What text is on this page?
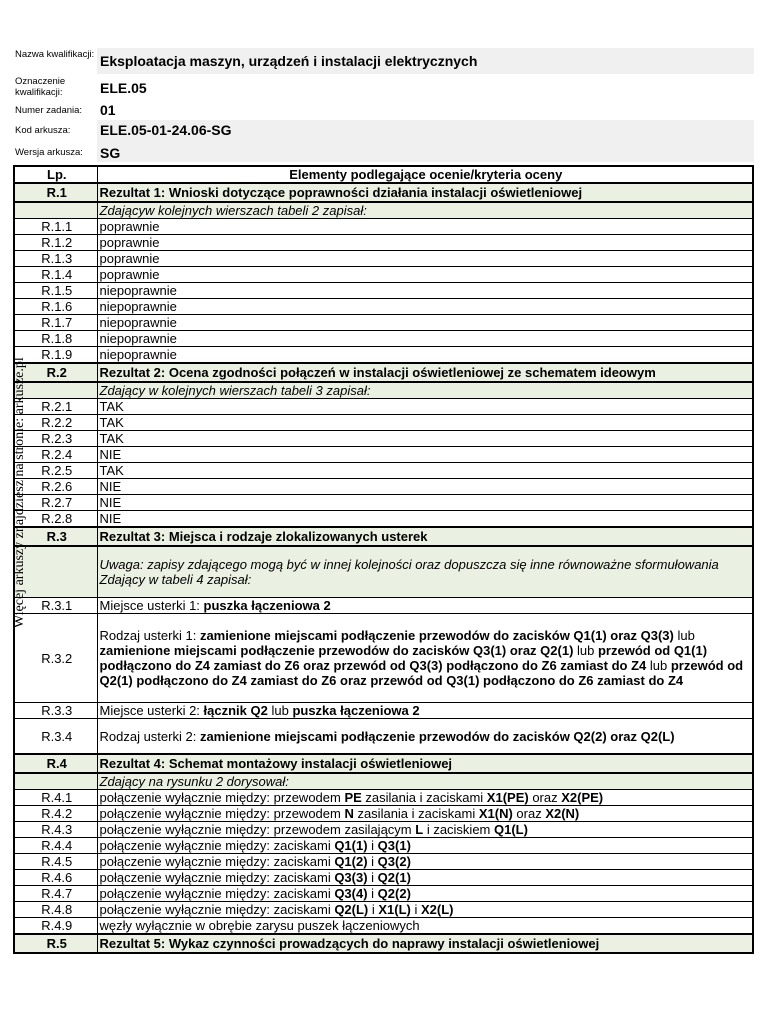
Nazwa kwalifikacji: Eksploatacja maszyn, urządzeń i instalacji elektrycznych
Oznaczenie kwalifikacji:	ELE.05
Numer zadania:	01
Kod arkusza:	ELE.05-01-24.06-SG
Wersja arkusza:	SG
Lp.	Elementy podlegające ocenie/kryteria oceny
R.1	Rezultat 1: Wnioski dotyczące poprawności działania instalacji oświetleniowej
	Zdającyw kolejnych wierszach tabeli 2 zapisał:
R.1.1	poprawnie
R.1.2	poprawnie
R.1.3	poprawnie
R.1.4	poprawnie
R.1.5	niepoprawnie
R.1.6	niepoprawnie
R.1.7	niepoprawnie
R.1.8	niepoprawnie
R.1.9	niepoprawnie
R.2	Rezultat 2: Ocena zgodności połączeń w instalacji oświetleniowej ze schematem ideowym
	Zdający w kolejnych wierszach tabeli 3 zapisał:
R.2.1	TAK
R.2.2	TAK
R.2.3	TAK
R.2.4	NIE
R.2.5	TAK
R.2.6	NIE
R.2.7	NIE
R.2.8	NIE
R.3	Rezultat 3: Miejsca i rodzaje zlokalizowanych usterek
	Uwaga: zapisy zdającego mogą być w innej kolejności oraz dopuszcza się inne równoważne sformułowania
Zdający w tabeli 4 zapisał:
R.3.1	Miejsce usterki 1: puszka łączeniowa 2
R.3.2	Rodzaj usterki 1: zamienione miejscami podłączenie przewodów do zacisków Q1(1) oraz Q3(3) lub zamienione miejscami podłączenie przewodów do zacisków Q3(1) oraz Q2(1) lub przewód od Q1(1) podłączono do Z4 zamiast do Z6 oraz przewód od Q3(3) podłączono do Z6 zamiast do Z4 lub przewód od Q2(1) podłączono do Z4 zamiast do Z6 oraz przewód od Q3(1) podłączono do Z6 zamiast do Z4
R.3.3	Miejsce usterki 2: łącznik Q2 lub puszka łączeniowa 2
R.3.4	Rodzaj usterki 2: zamienione miejscami podłączenie przewodów do zacisków Q2(2) oraz Q2(L)
R.4	Rezultat 4: Schemat montażowy instalacji oświetleniowej
	Zdający na rysunku 2 dorysował:
R.4.1	połączenie wyłącznie między: przewodem PE zasilania i zaciskami X1(PE) oraz X2(PE)
R.4.2	połączenie wyłącznie między: przewodem N zasilania i zaciskami X1(N) oraz X2(N)
R.4.3	połączenie wyłącznie między: przewodem zasilającym L i zaciskiem Q1(L)
R.4.4	połączenie wyłącznie między: zaciskami Q1(1) i Q3(1)
R.4.5	połączenie wyłącznie między: zaciskami Q1(2) i Q3(2)
R.4.6	połączenie wyłącznie między: zaciskami Q3(3) i Q2(1)
R.4.7	połączenie wyłącznie między: zaciskami Q3(4) i Q2(2)
R.4.8	połączenie wyłącznie między: zaciskami Q2(L) i X1(L) i X2(L)
R.4.9	węzły wyłącznie w obrębie zarysu puszek łączeniowych
R.5	Rezultat 5: Wykaz czynności prowadzących do naprawy instalacji oświetleniowej
Więcej arkuszy znajdziesz na stronie: arkusze.pl
